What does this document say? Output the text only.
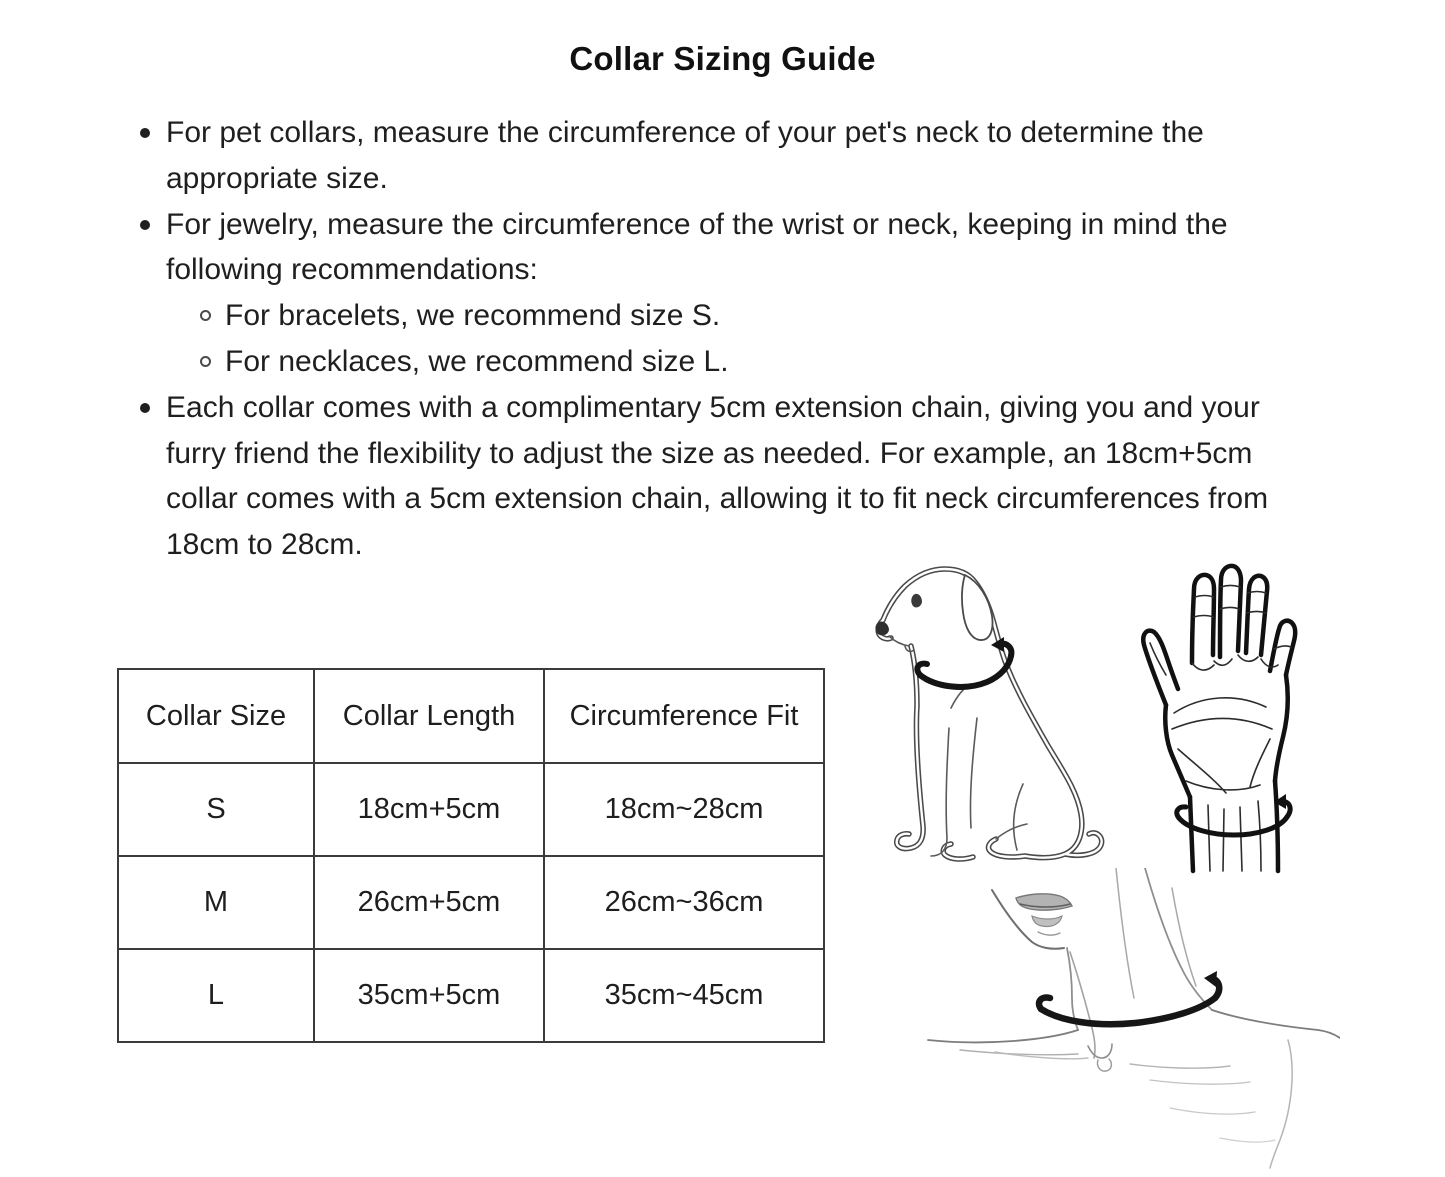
Collar Sizing Guide
For pet collars, measure the circumference of your pet's neck to determine the appropriate size.
For jewelry, measure the circumference of the wrist or neck, keeping in mind the following recommendations:
For bracelets, we recommend size S.
For necklaces, we recommend size L.
Each collar comes with a complimentary 5cm extension chain, giving you and your furry friend the flexibility to adjust the size as needed. For example, an 18cm+5cm collar comes with a 5cm extension chain, allowing it to fit neck circumferences from 18cm to 28cm.
Collar Size	Collar Length	Circumference Fit
S	18cm+5cm	18cm~28cm
M	26cm+5cm	26cm~36cm
L	35cm+5cm	35cm~45cm
